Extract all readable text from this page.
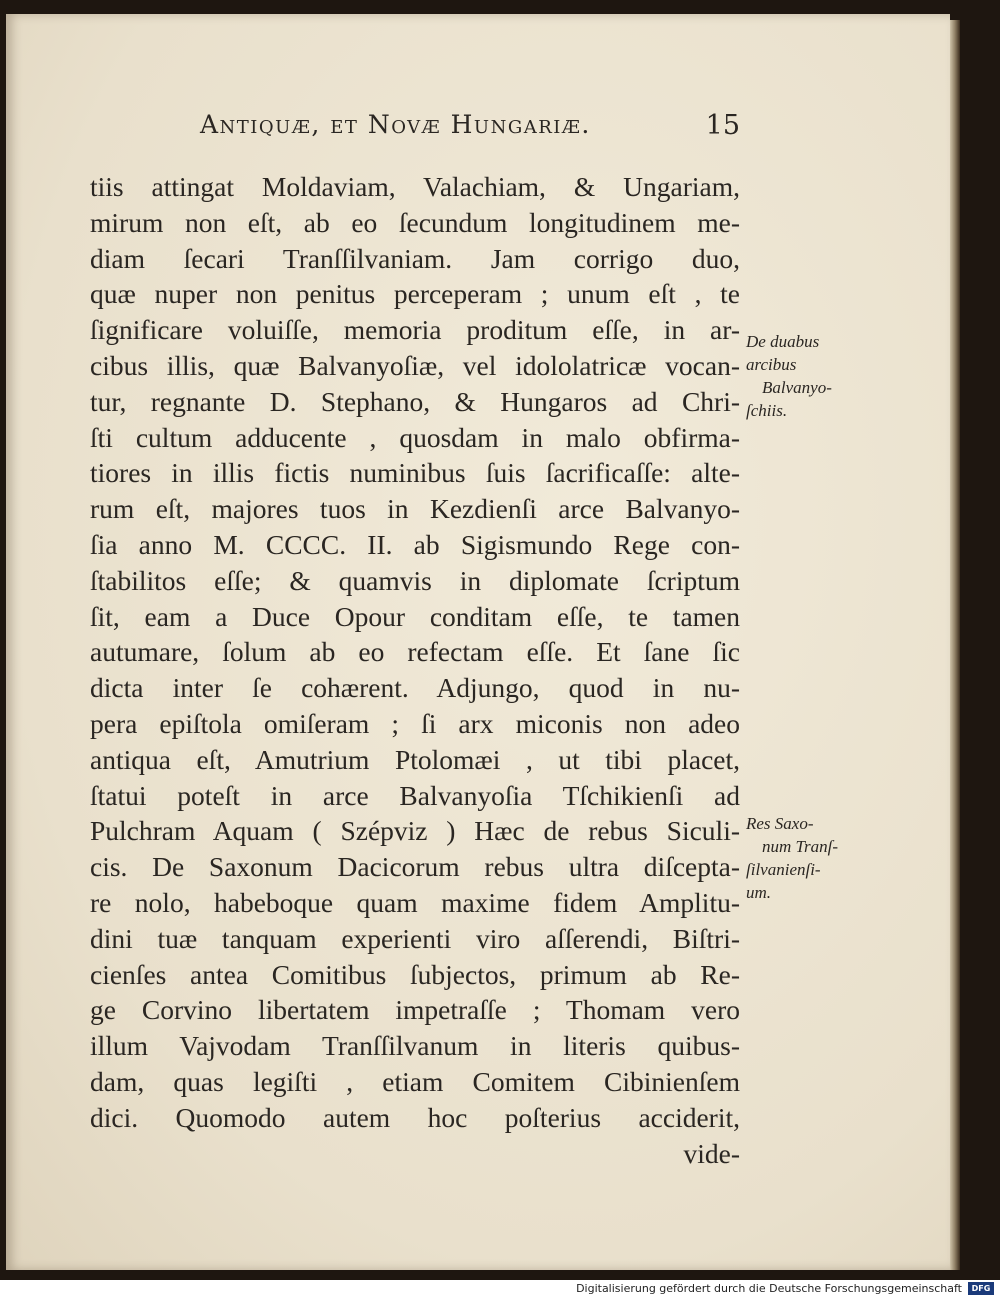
Antiquæ, et Novæ Hungariæ.	15
tiis attingat Moldaviam, Valachiam, & Ungariam,
mirum non eſt, ab eo ſecundum longitudinem me-
diam ſecari Tranſſilvaniam. Jam corrigo duo,
quæ nuper non penitus perceperam ; unum eſt , te
ſignificare voluiſſe, memoria proditum eſſe, in ar-
cibus illis, quæ Balvanyoſiæ, vel idololatricæ vocan-
tur, regnante D. Stephano, & Hungaros ad Chri-
ſti cultum adducente , quosdam in malo obfirma-
tiores in illis fictis numinibus ſuis ſacrificaſſe: alte-
rum eſt, majores tuos in Kezdienſi arce Balvanyo-
ſia anno M. CCCC. II. ab Sigismundo Rege con-
ſtabilitos eſſe; & quamvis in diplomate ſcriptum
ſit, eam a Duce Opour conditam eſſe, te tamen
autumare, ſolum ab eo refectam eſſe. Et ſane ſic
dicta inter ſe cohærent. Adjungo, quod in nu-
pera epiſtola omiſeram ; ſi arx miconis non adeo
antiqua eſt, Amutrium Ptolomæi , ut tibi placet,
ſtatui poteſt in arce Balvanyoſia Tſchikienſi ad
Pulchram Aquam ( Szépviz ) Hæc de rebus Siculi-
cis. De Saxonum Dacicorum rebus ultra diſcepta-
re nolo, habeboque quam maxime fidem Amplitu-
dini tuæ tanquam experienti viro aſſerendi, Biſtri-
cienſes antea Comitibus ſubjectos, primum ab Re-
ge Corvino libertatem impetraſſe ; Thomam vero
illum Vajvodam Tranſſilvanum in literis quibus-
dam, quas legiſti , etiam Comitem Cibinienſem
dici. Quomodo autem hoc poſterius acciderit,
vide-
De duabus
arcibus
Balvanyo-
ſchiis.
Res Saxo-
num Tranſ-
ſilvanienſi-
um.
Digitalisierung gefördert durch die Deutsche Forschungsgemeinschaft	DFG
